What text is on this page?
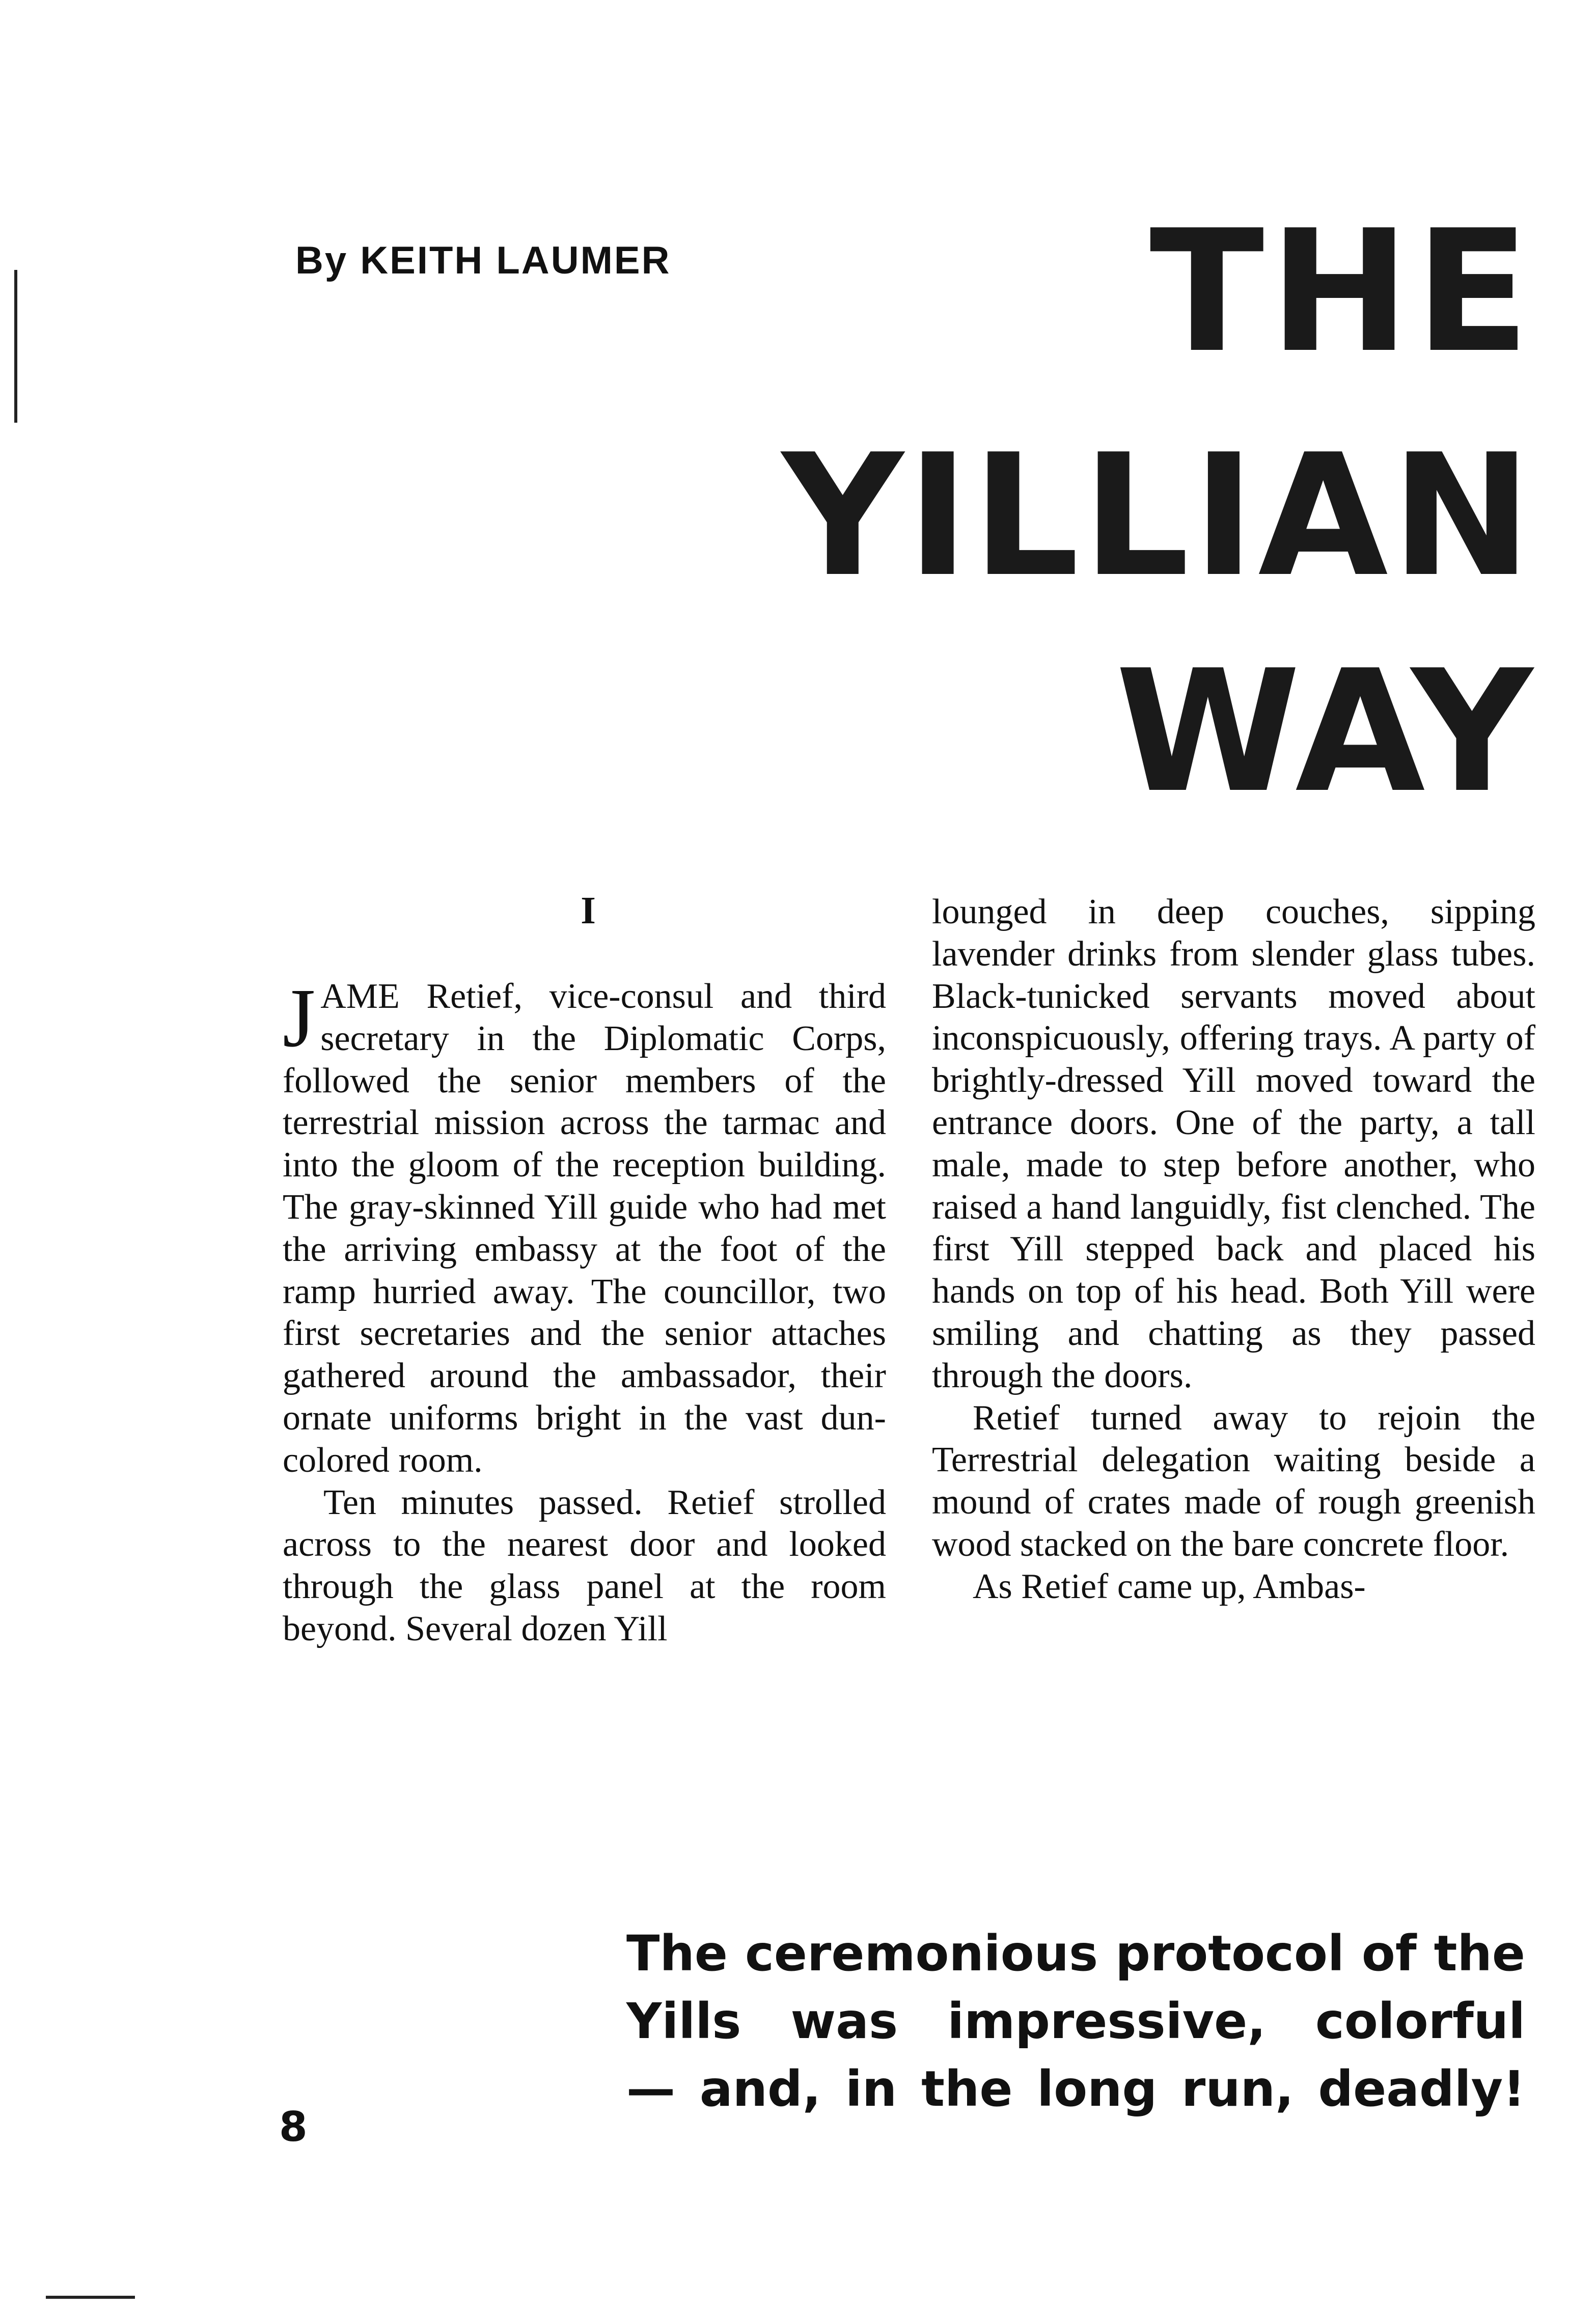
By KEITH LAUMER	THE
YILLIAN
WAY
I

JAME Retief, vice-consul and third secretary in the Diplomatic Corps, followed the senior members of the terrestrial mission across the tarmac and into the gloom of the reception building. The gray-skinned Yill guide who had met the arriving embassy at the foot of the ramp hurried away. The councillor, two first secretaries and the senior attaches gathered around the ambassador, their ornate uniforms bright in the vast dun-colored room.

Ten minutes passed. Retief strolled across to the nearest door and looked through the glass panel at the room beyond. Several dozen Yill

lounged in deep couches, sipping lavender drinks from slender glass tubes. Black-tunicked servants moved about inconspicuously, offering trays. A party of brightly-dressed Yill moved toward the entrance doors. One of the party, a tall male, made to step before another, who raised a hand languidly, fist clenched. The first Yill stepped back and placed his hands on top of his head. Both Yill were smiling and chatting as they passed through the doors.

Retief turned away to rejoin the Terrestrial delegation waiting beside a mound of crates made of rough greenish wood stacked on the bare concrete floor.

As Retief came up, Ambas-

The ceremonious protocol of the

Yills was impressive, colorful

— and, in the long run, deadly!

8
